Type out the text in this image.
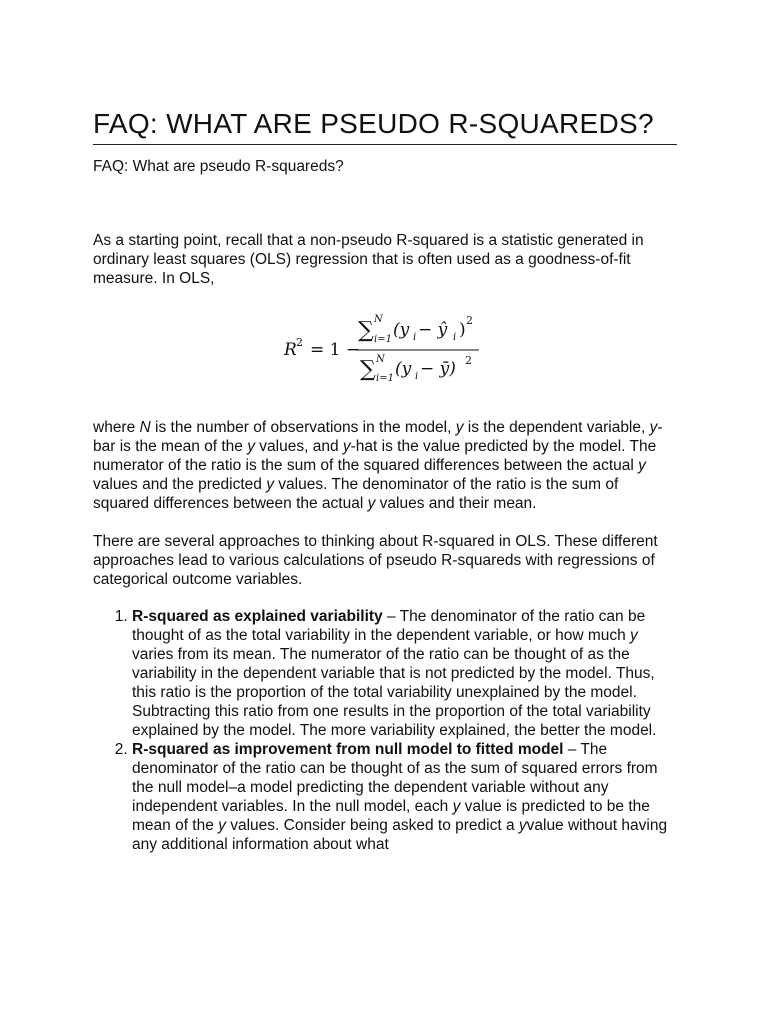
FAQ: WHAT ARE PSEUDO R-SQUAREDS?

FAQ: What are pseudo R-squareds?

As a starting point, recall that a non-pseudo R-squared is a statistic generated in ordinary least squares (OLS) regression that is often used as a goodness-of-fit measure. In OLS,

R 2 = 1 −
∑ i=1
N
(y i − ŷ i ) 2
∑ i=1
N (y i − ȳ) 2

where N is the number of observations in the model, y is the dependent variable, y-bar is the mean of the y values, and y-hat is the value predicted by the model. The numerator of the ratio is the sum of the squared differences between the actual y values and the predicted y values. The denominator of the ratio is the sum of squared differences between the actual y values and their mean.

There are several approaches to thinking about R-squared in OLS. These different approaches lead to various calculations of pseudo R-squareds with regressions of categorical outcome variables.

1. R-squared as explained variability – The denominator of the ratio can be thought of as the total variability in the dependent variable, or how much y varies from its mean. The numerator of the ratio can be thought of as the variability in the dependent variable that is not predicted by the model. Thus, this ratio is the proportion of the total variability unexplained by the model. Subtracting this ratio from one results in the proportion of the total variability explained by the model. The more variability explained, the better the model.
2. R-squared as improvement from null model to fitted model – The denominator of the ratio can be thought of as the sum of squared errors from the null model–a model predicting the dependent variable without any independent variables. In the null model, each y value is predicted to be the mean of the y values. Consider being asked to predict a yvalue without having any additional information about what
